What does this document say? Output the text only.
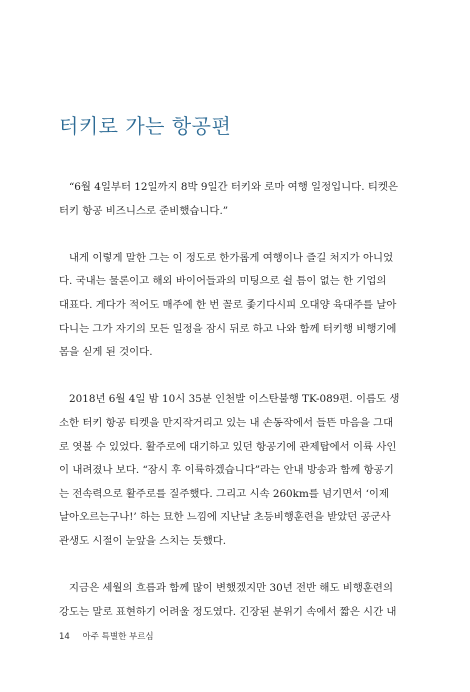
터키로 가는 항공편

“6월 4일부터 12일까지 8박 9일간 터키와 로마 여행 일정입니다. 티켓은
터키 항공 비즈니스로 준비했습니다.”

내게 이렇게 말한 그는 이 정도로 한가롭게 여행이나 즐길 처지가 아니었
다. 국내는 물론이고 해외 바이어들과의 미팅으로 쉴 틈이 없는 한 기업의
대표다. 게다가 적어도 매주에 한 번 꼴로 좇기다시피 오대양 육대주를 날아
다니는 그가 자기의 모든 일정을 잠시 뒤로 하고 나와 함께 터키행 비행기에
몸을 싣게 된 것이다.

2018년 6월 4일 밤 10시 35분 인천발 이스탄불행 TK-089편. 이름도 생
소한 터키 항공 티켓을 만지작거리고 있는 내 손동작에서 들뜬 마음을 그대
로 엿볼 수 있었다. 활주로에 대기하고 있던 항공기에 관제탑에서 이륙 사인
이 내려졌나 보다. “잠시 후 이륙하겠습니다”라는 안내 방송과 함께 항공기
는 전속력으로 활주로를 질주했다. 그리고 시속 260km를 넘기면서 ‘이제
날아오르는구나!’ 하는 묘한 느낌에 지난날 초등비행훈련을 받았던 공군사
관생도 시절이 눈앞을 스치는 듯했다.

지금은 세월의 흐름과 함께 많이 변했겠지만 30년 전반 해도 비행훈련의
강도는 말로 표현하기 어려울 정도였다. 긴장된 분위기 속에서 짧은 시간 내

14 아주 특별한 부르심
